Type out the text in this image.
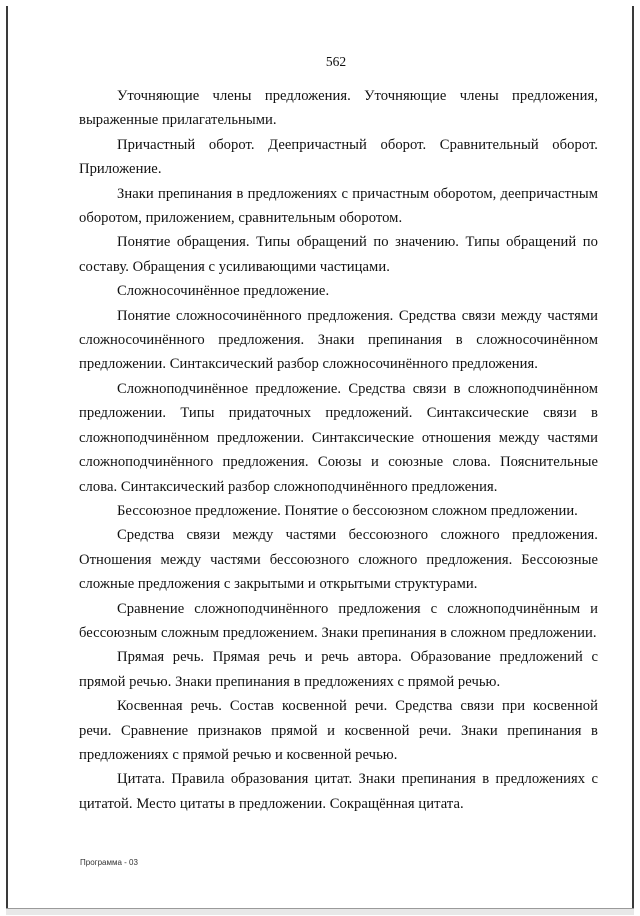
562

Уточняющие члены предложения. Уточняющие члены предложения, выраженные прилагательными.

Причастный оборот. Деепричастный оборот. Сравнительный оборот. Приложение.

Знаки препинания в предложениях с причастным оборотом, деепричастным оборотом, приложением, сравнительным оборотом.

Понятие обращения. Типы обращений по значению. Типы обращений по составу. Обращения с усиливающими частицами.

Сложносочинённое предложение.

Понятие сложносочинённого предложения. Средства связи между частями сложносочинённого предложения. Знаки препинания в сложносочинённом предложении. Синтаксический разбор сложносочинённого предложения.

Сложноподчинённое предложение. Средства связи в сложноподчинённом предложении. Типы придаточных предложений. Синтаксические связи в сложноподчинённом предложении. Синтаксические отношения между частями сложноподчинённого предложения. Союзы и союзные слова. Пояснительные слова. Синтаксический разбор сложноподчинённого предложения.

Бессоюзное предложение. Понятие о бессоюзном сложном предложении.

Средства связи между частями бессоюзного сложного предложения. Отношения между частями бессоюзного сложного предложения. Бессоюзные сложные предложения с закрытыми и открытыми структурами.

Сравнение сложноподчинённого предложения с сложноподчинённым и бессоюзным сложным предложением. Знаки препинания в сложном предложении.

Прямая речь. Прямая речь и речь автора. Образование предложений с прямой речью. Знаки препинания в предложениях с прямой речью.

Косвенная речь. Состав косвенной речи. Средства связи при косвенной речи. Сравнение признаков прямой и косвенной речи. Знаки препинания в предложениях с прямой речью и косвенной речью.

Цитата. Правила образования цитат. Знаки препинания в предложениях с цитатой. Место цитаты в предложении. Сокращённая цитата.

Программа - 03
